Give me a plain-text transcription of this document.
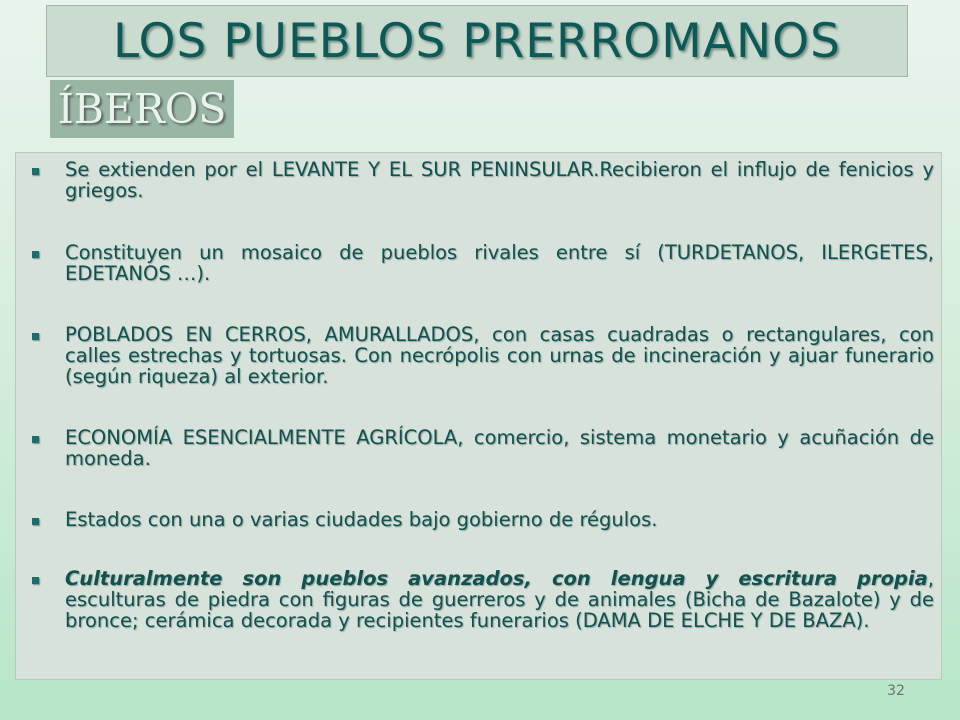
LOS PUEBLOS PRERROMANOS
ÍBEROS
Se extienden por el LEVANTE Y EL SUR PENINSULAR.Recibieron el influjo de fenicios y griegos.
Constituyen un mosaico de pueblos rivales entre sí (TURDETANOS, ILERGETES, EDETANOS …).
POBLADOS EN CERROS, AMURALLADOS, con casas cuadradas o rectangulares, con calles estrechas y tortuosas. Con necrópolis con urnas de incineración y ajuar funerario (según riqueza) al exterior.
ECONOMÍA ESENCIALMENTE AGRÍCOLA, comercio, sistema monetario y acuñación de moneda.
Estados con una o varias ciudades bajo gobierno de régulos.
Culturalmente son pueblos avanzados, con lengua y escritura propia, esculturas de piedra con figuras de guerreros y de animales (Bicha de Bazalote) y de bronce; cerámica decorada y recipientes funerarios (DAMA DE ELCHE Y DE BAZA).
32
